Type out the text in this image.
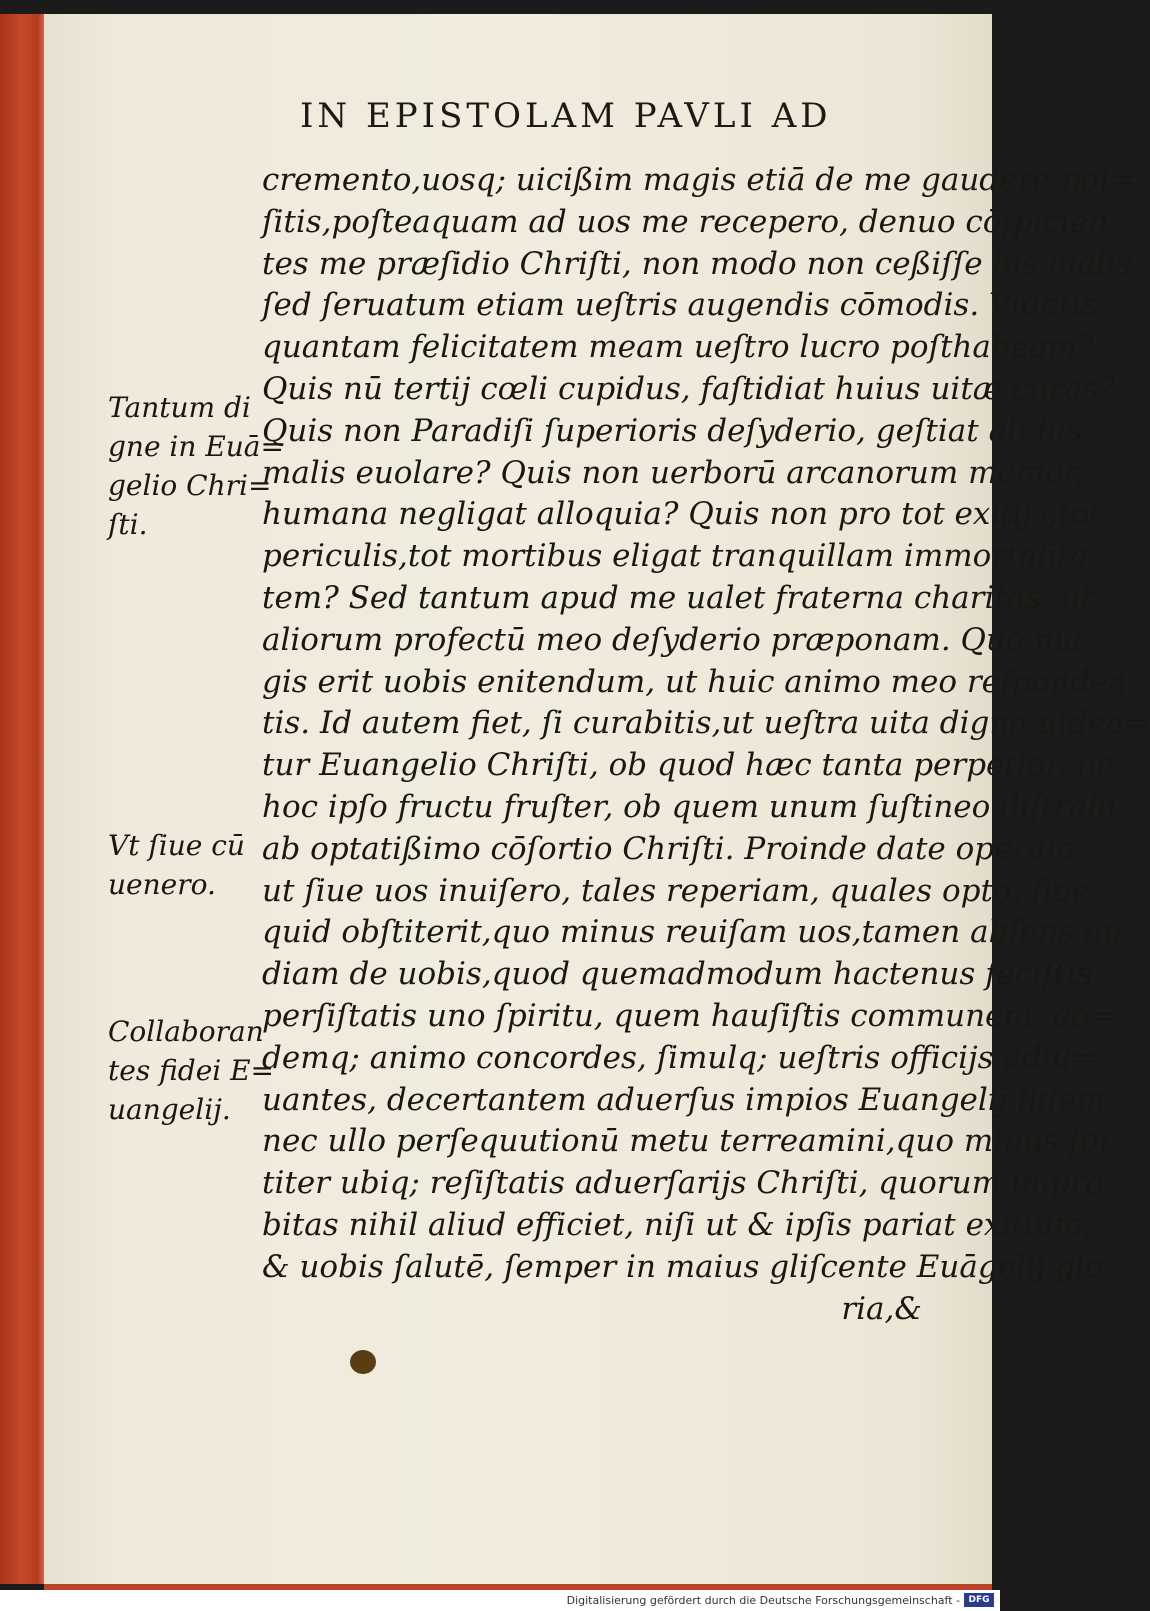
IN EPISTOLAM PAVLI AD
cremento,uosq; uicißim magis etiā de me gaudere poſ=
ſitis,poſteaquam ad uos me recepero, denuo cōſpicien
tes me præſidio Chriſti, non modo non ceßiſſe his malis
ſed ſeruatum etiam ueſtris augendis cōmodis. Videtis
quantam felicitatem meam ueſtro lucro poſthabeam?
Quis nū tertij cœli cupidus, faſtidiat huius uitæ curas?
Quis non Paradiſi ſuperioris deſyderio, geſtiat ab his
malis euolare? Quis non uerborū arcanorum memor,
humana negligat alloquia? Quis non pro tot exitijs,tot
periculis,tot mortibus eligat tranquillam immortalita
tem? Sed tantum apud me ualet fraterna charitas, ut
aliorum profectū meo deſyderio præponam. Quo ma
gis erit uobis enitendum, ut huic animo meo reſpondea
tis. Id autem fiet, ſi curabitis,ut ueſtra uita digna uidea=
tur Euangelio Chriſti, ob quod hæc tanta perpetior, ne
hoc ipſo fructu fruſter, ob quem unum ſuſtineo diſtrahi
ab optatißimo cōſortio Chriſti. Proinde date operam,
ut ſiue uos inuiſero, tales reperiam, quales opto, ſiue
quid obſtiterit,quo minus reuiſam uos,tamen abſens au
diam de uobis,quod quemadmodum hactenus feciſtis,
perſiſtatis uno ſpiritu, quem hauſiſtis communem, eo=
demq; animo concordes, ſimulq; ueſtris officijs adiu=
uantes, decertantem aduerſus impios Euangelij fidem
nec ullo perſequutionū metu terreamini,quo minus for
titer ubiq; reſiſtatis aduerſarijs Chriſti, quorum impro
bitas nihil aliud efficiet, niſi ut & ipſis pariat exitium,
& uobis ſalutē, ſemper in maius gliſcente Euāgelij glo
ria,&
Tantum di
gne in Euā=
gelio Chri=
ſti.
Vt ſiue cū
uenero.
Collaboran
tes fidei E=
uangelij.
Digitalisierung gefördert durch die Deutsche Forschungsgemeinschaft - DFG
